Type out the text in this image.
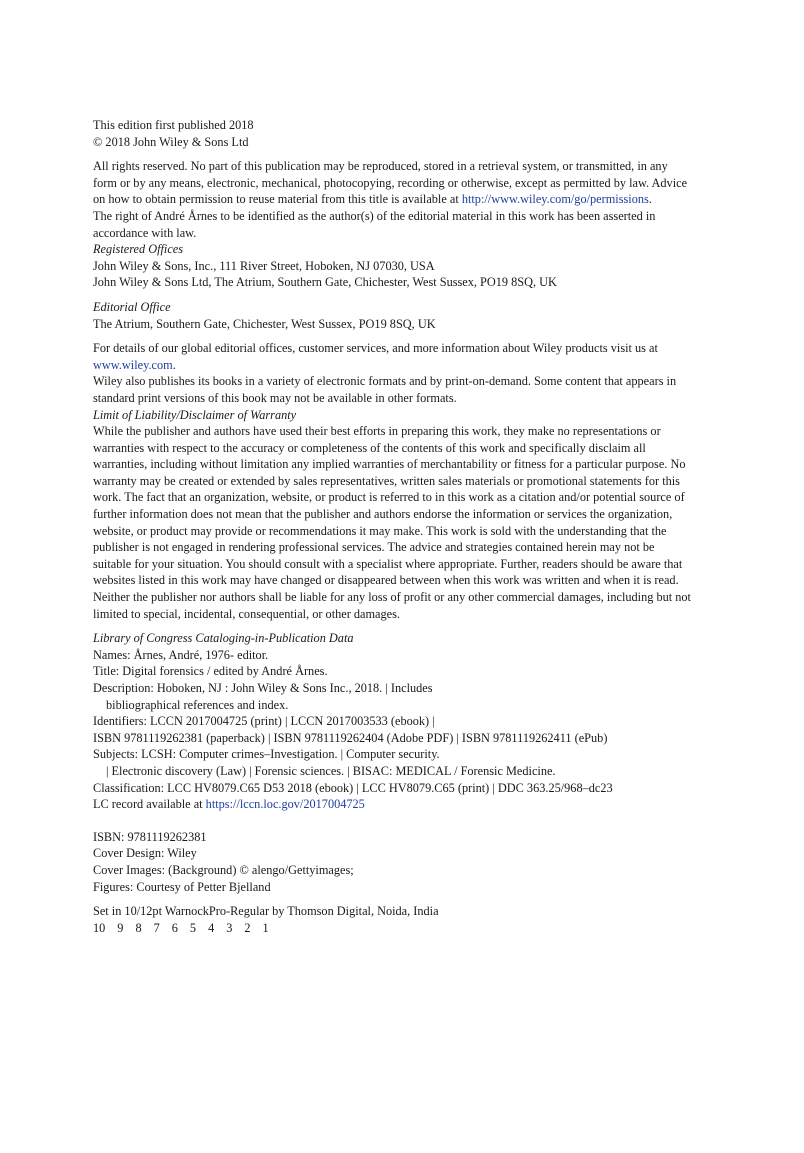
This edition first published 2018

© 2018 John Wiley & Sons Ltd

All rights reserved. No part of this publication may be reproduced, stored in a retrieval system, or transmitted, in any form or by any means, electronic, mechanical, photocopying, recording or otherwise, except as permitted by law. Advice on how to obtain permission to reuse material from this title is available at http://www.wiley.com/go/permissions.

The right of André Årnes to be identified as the author(s) of the editorial material in this work has been asserted in accordance with law.

Registered Offices

John Wiley & Sons, Inc., 111 River Street, Hoboken, NJ 07030, USA

John Wiley & Sons Ltd, The Atrium, Southern Gate, Chichester, West Sussex, PO19 8SQ, UK

Editorial Office

The Atrium, Southern Gate, Chichester, West Sussex, PO19 8SQ, UK

For details of our global editorial offices, customer services, and more information about Wiley products visit us at www.wiley.com.

Wiley also publishes its books in a variety of electronic formats and by print-on-demand. Some content that appears in standard print versions of this book may not be available in other formats.

Limit of Liability/Disclaimer of Warranty

While the publisher and authors have used their best efforts in preparing this work, they make no representations or warranties with respect to the accuracy or completeness of the contents of this work and specifically disclaim all warranties, including without limitation any implied warranties of merchantability or fitness for a particular purpose. No warranty may be created or extended by sales representatives, written sales materials or promotional statements for this work. The fact that an organization, website, or product is referred to in this work as a citation and/or potential source of further information does not mean that the publisher and authors endorse the information or services the organization, website, or product may provide or recommendations it may make. This work is sold with the understanding that the publisher is not engaged in rendering professional services. The advice and strategies contained herein may not be suitable for your situation. You should consult with a specialist where appropriate. Further, readers should be aware that websites listed in this work may have changed or disappeared between when this work was written and when it is read. Neither the publisher nor authors shall be liable for any loss of profit or any other commercial damages, including but not limited to special, incidental, consequential, or other damages.

Library of Congress Cataloging-in-Publication Data

Names: Årnes, André, 1976- editor.

Title: Digital forensics / edited by André Årnes.

Description: Hoboken, NJ : John Wiley & Sons Inc., 2018. | Includes

bibliographical references and index.

Identifiers: LCCN 2017004725 (print) | LCCN 2017003533 (ebook) |

ISBN 9781119262381 (paperback) | ISBN 9781119262404 (Adobe PDF) | ISBN 9781119262411 (ePub)

Subjects: LCSH: Computer crimes–Investigation. | Computer security.

| Electronic discovery (Law) | Forensic sciences. | BISAC: MEDICAL / Forensic Medicine.

Classification: LCC HV8079.C65 D53 2018 (ebook) | LCC HV8079.C65 (print) | DDC 363.25/968–dc23

LC record available at https://lccn.loc.gov/2017004725

ISBN: 9781119262381

Cover Design: Wiley

Cover Images: (Background) © alengo/Gettyimages;

Figures: Courtesy of Petter Bjelland

Set in 10/12pt WarnockPro-Regular by Thomson Digital, Noida, India

10 9 8 7 6 5 4 3 2 1
